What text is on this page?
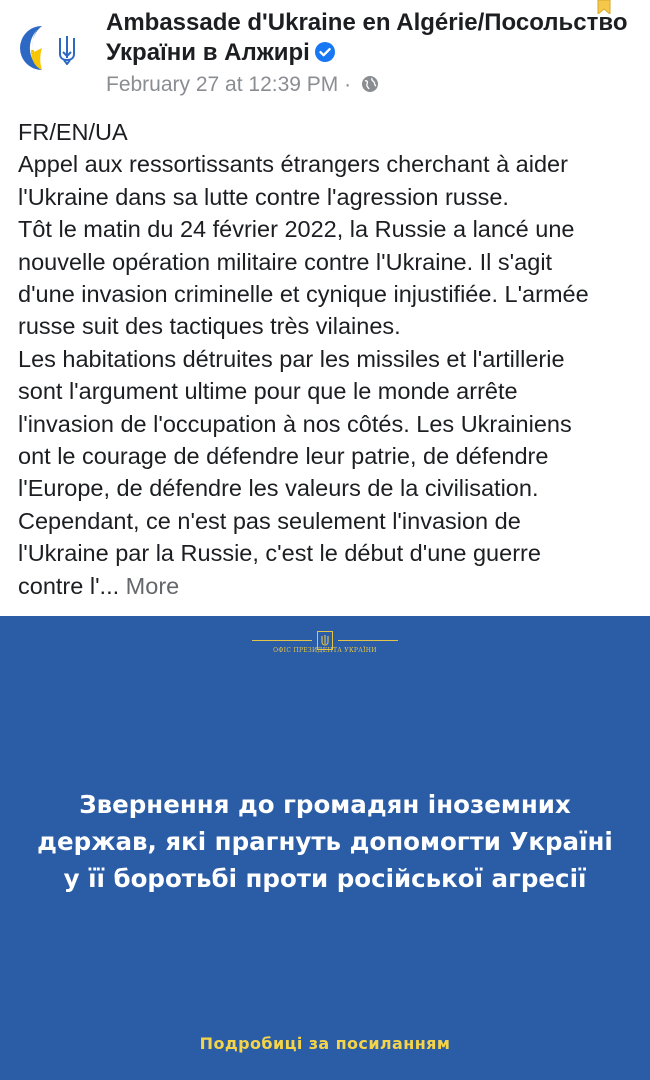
Ambassade d'Ukraine en Algérie/Посольство
України в Алжирі
February 27 at 12:39 PM ·
FR/EN/UA
Appel aux ressortissants étrangers cherchant à aider
l'Ukraine dans sa lutte contre l'agression russe.
Tôt le matin du 24 février 2022, la Russie a lancé une
nouvelle opération militaire contre l'Ukraine. Il s'agit
d'une invasion criminelle et cynique injustifiée. L'armée
russe suit des tactiques très vilaines.
Les habitations détruites par les missiles et l'artillerie
sont l'argument ultime pour que le monde arrête
l'invasion de l'occupation à nos côtés. Les Ukrainiens
ont le courage de défendre leur patrie, de défendre
l'Europe, de défendre les valeurs de la civilisation.
Cependant, ce n'est pas seulement l'invasion de
l'Ukraine par la Russie, c'est le début d'une guerre
contre l'... More
ОФІС ПРЕЗИДЕНТА УКРАЇНИ
Звернення до громадян іноземних
держав, які прагнуть допомогти Україні
у її боротьбі проти російської агресії
Подробиці за посиланням
